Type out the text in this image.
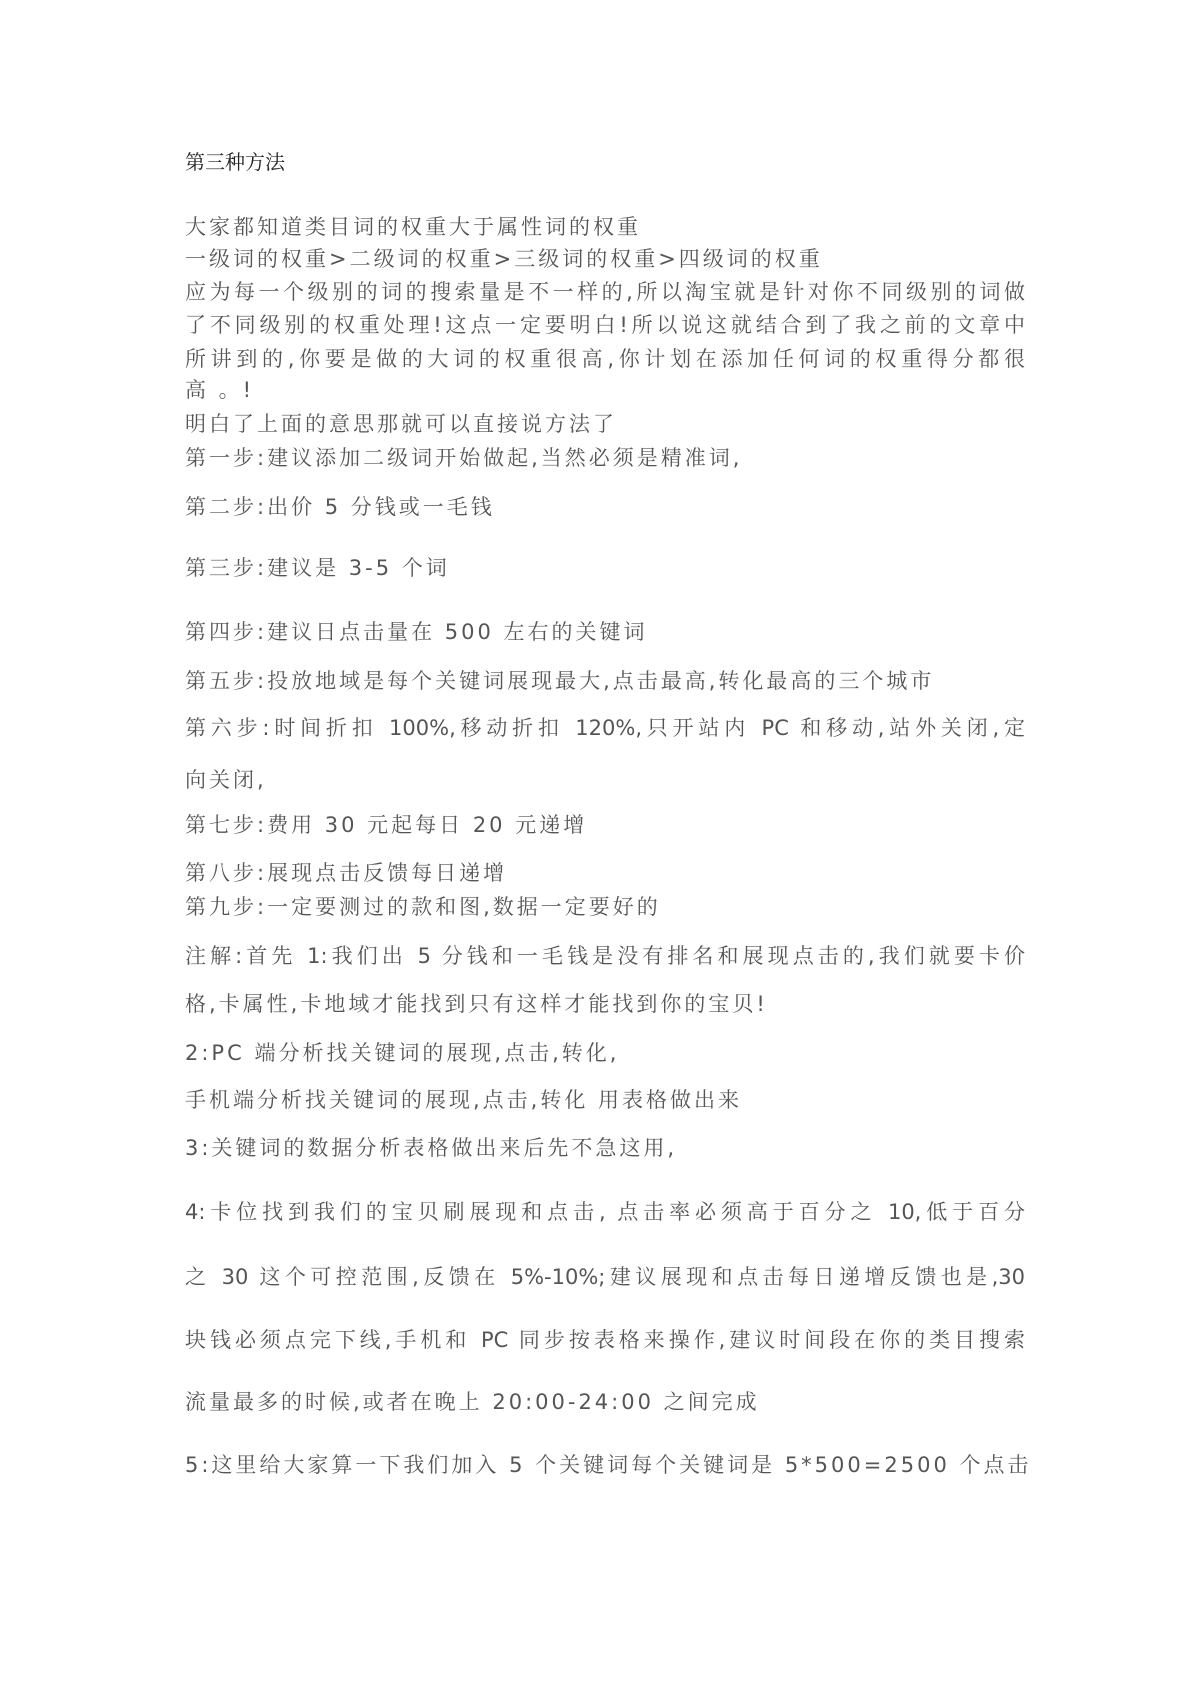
第三种方法
大家都知道类目词的权重大于属性词的权重
一级词的权重>二级词的权重>三级词的权重>四级词的权重
应为每一个级别的词的搜索量是不一样的,所以淘宝就是针对你不同级别的词做
了不同级别的权重处理!这点一定要明白!所以说这就结合到了我之前的文章中
所讲到的,你要是做的大词的权重很高,你计划在添加任何词的权重得分都很
高 。!
明白了上面的意思那就可以直接说方法了
第一步:建议添加二级词开始做起,当然必须是精准词,
第二步:出价 5 分钱或一毛钱
第三步:建议是 3-5 个词
第四步:建议日点击量在 500 左右的关键词
第五步:投放地域是每个关键词展现最大,点击最高,转化最高的三个城市
第六步:时间折扣 100%,移动折扣 120%,只开站内 PC 和移动,站外关闭,定
向关闭,
第七步:费用 30 元起每日 20 元递增
第八步:展现点击反馈每日递增
第九步:一定要测过的款和图,数据一定要好的
注解:首先 1:我们出 5 分钱和一毛钱是没有排名和展现点击的,我们就要卡价
格,卡属性,卡地域才能找到只有这样才能找到你的宝贝!
2:PC 端分析找关键词的展现,点击,转化,
手机端分析找关键词的展现,点击,转化 用表格做出来
3:关键词的数据分析表格做出来后先不急这用,
4:卡位找到我们的宝贝刷展现和点击, 点击率必须高于百分之 10,低于百分
之 30 这个可控范围,反馈在 5%-10%;建议展现和点击每日递增反馈也是,30
块钱必须点完下线,手机和 PC 同步按表格来操作,建议时间段在你的类目搜索
流量最多的时候,或者在晚上 20:00-24:00 之间完成
5:这里给大家算一下我们加入 5 个关键词每个关键词是 5*500=2500 个点击
